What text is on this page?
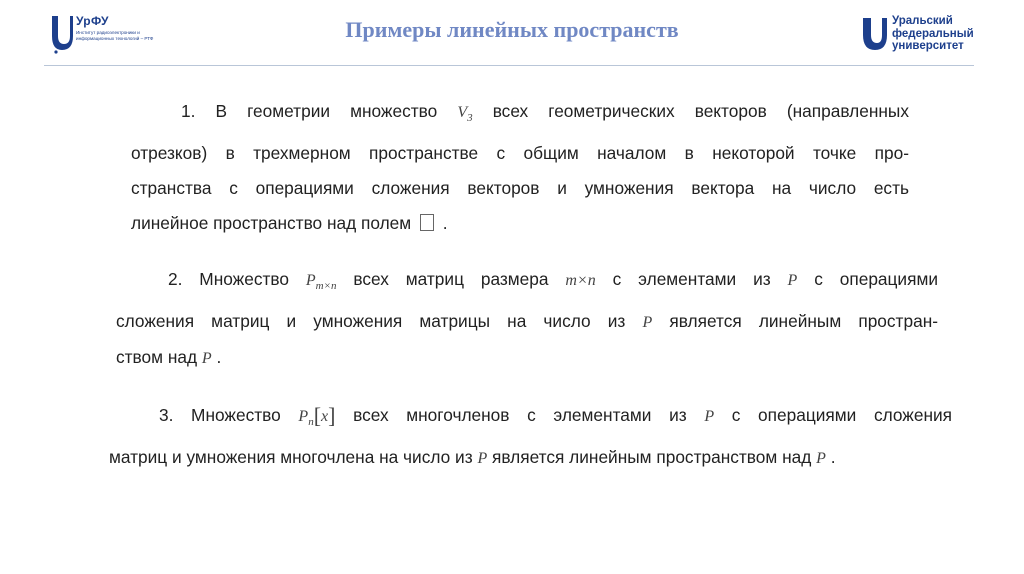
УрФУ
Институт радиоэлектроники и информационных технологий – РТФ	Примеры линейных пространств	Уральский
федеральный
университет
1. В геометрии множество $V_3$ всех геометрических векторов (направленных
отрезков) в трехмерном пространстве с общим началом в некоторой точке про-
странства с операциями сложения векторов и умножения вектора на число есть
линейное пространство над полем  .
2. Множество $P_{m\times n}$ всех матриц размера m×n с элементами из P с операциями
сложения матриц и умножения матрицы на число из P является линейным простран-
ством над P .
3. Множество $P_n[x]$ всех многочленов с элементами из P с операциями сложения
матриц и умножения многочлена на число из P является линейным пространством над P .
